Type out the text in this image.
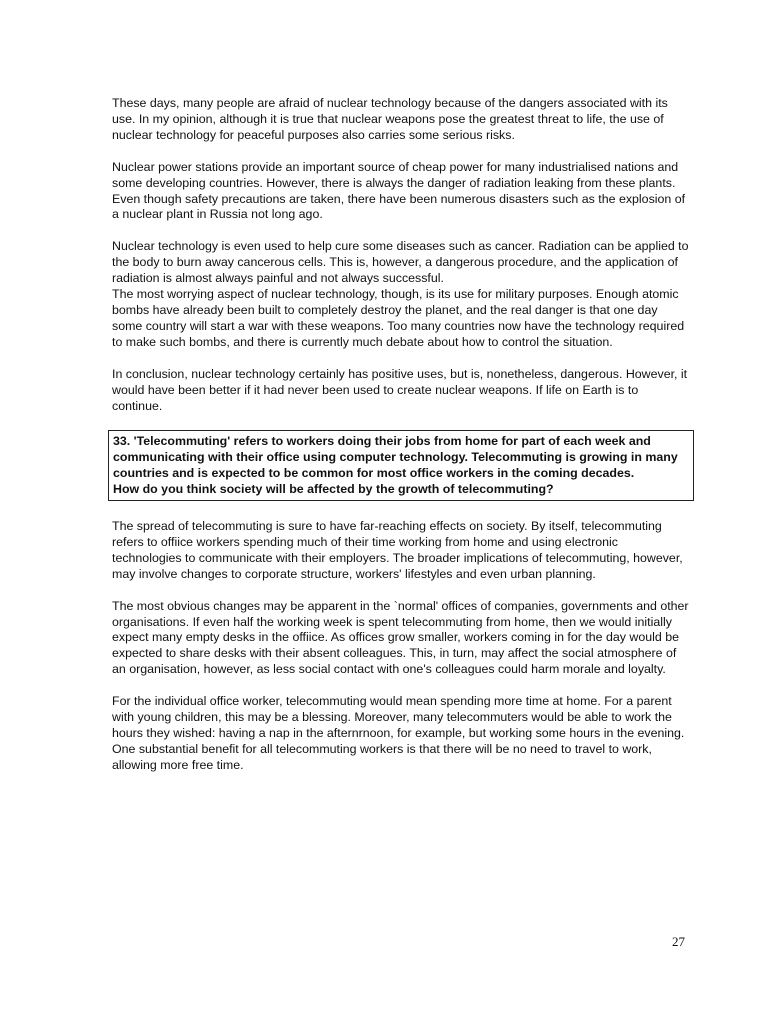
These days, many people are afraid of nuclear technology because of the dangers associated with its use. In my opinion, although it is true that nuclear weapons pose the greatest threat to life, the use of nuclear technology for peaceful purposes also carries some serious risks.

Nuclear power stations provide an important source of cheap power for many industrialised nations and some developing countries. However, there is always the danger of radiation leaking from these plants. Even though safety precautions are taken, there have been numerous disasters such as the explosion of a nuclear plant in Russia not long ago.

Nuclear technology is even used to help cure some diseases such as cancer. Radiation can be applied to the body to burn away cancerous cells. This is, however, a dangerous procedure, and the application of radiation is almost always painful and not always successful.

The most worrying aspect of nuclear technology, though, is its use for military purposes. Enough atomic bombs have already been built to completely destroy the planet, and the real danger is that one day some country will start a war with these weapons. Too many countries now have the technology required to make such bombs, and there is currently much debate about how to control the situation.

In conclusion, nuclear technology certainly has positive uses, but is, nonetheless, dangerous. However, it would have been better if it had never been used to create nuclear weapons. If life on Earth is to continue.

33. 'Telecommuting' refers to workers doing their jobs from home for part of each week and communicating with their office using computer technology. Telecommuting is growing in many countries and is expected to be common for most office workers in the coming decades.
How do you think society will be affected by the growth of telecommuting?

The spread of telecommuting is sure to have far-reaching effects on society. By itself, telecommuting refers to offiice workers spending much of their time working from home and using electronic technologies to communicate with their employers. The broader implications of telecommuting, however, may involve changes to corporate structure, workers' lifestyles and even urban planning.

The most obvious changes may be apparent in the `normal' offices of companies, governments and other organisations. If even half the working week is spent telecommuting from home, then we would initially expect many empty desks in the offiice. As offices grow smaller, workers coming in for the day would be expected to share desks with their absent colleagues. This, in turn, may affect the social atmosphere of an organisation, however, as less social contact with one's colleagues could harm morale and loyalty.

For the individual office worker, telecommuting would mean spending more time at home. For a parent with young children, this may be a blessing. Moreover, many telecommuters would be able to work the hours they wished: having a nap in the afternrnoon, for example, but working some hours in the evening. One substantial benefit for all telecommuting workers is that there will be no need to travel to work, allowing more free time.

27
